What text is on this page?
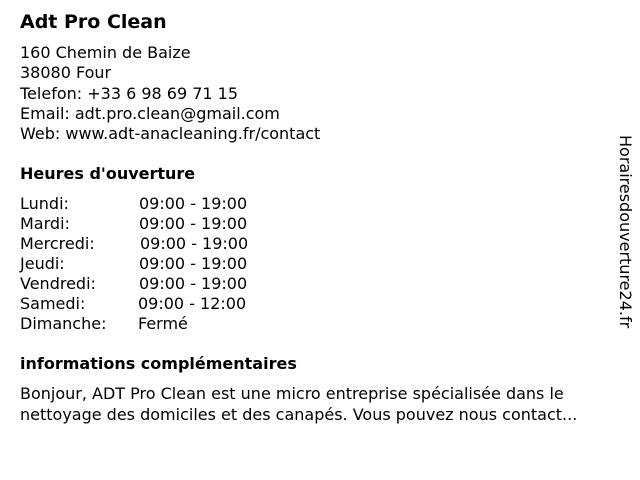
Adt Pro Clean
160 Chemin de Baize
38080 Four
Telefon: +33 6 98 69 71 15
Email: adt.pro.clean@gmail.com
Web: www.adt-anacleaning.fr/contact
Heures d'ouverture
Lundi:	09:00 - 19:00
Mardi:	09:00 - 19:00
Mercredi:	09:00 - 19:00
Jeudi:	09:00 - 19:00
Vendredi:	09:00 - 19:00
Samedi:	09:00 - 12:00
Dimanche: Fermé
informations complémentaires
Bonjour, ADT Pro Clean est une micro entreprise spécialisée dans le
nettoyage des domiciles et des canapés. Vous pouvez nous contact...
Horairesdouverture24.fr
